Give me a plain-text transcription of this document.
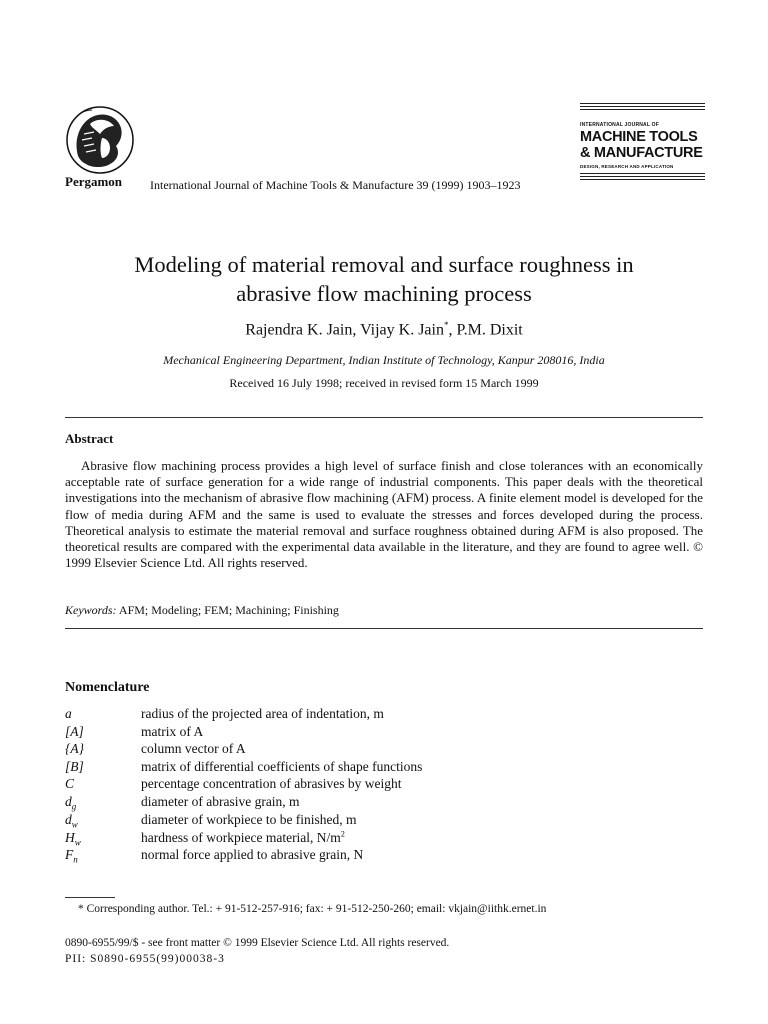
Pergamon International Journal of Machine Tools & Manufacture 39 (1999) 1903–1923
INTERNATIONAL JOURNAL OF
MACHINE TOOLS
& MANUFACTURE
DESIGN, RESEARCH AND APPLICATION
Modeling of material removal and surface roughness in
abrasive flow machining process
Rajendra K. Jain, Vijay K. Jain*, P.M. Dixit
Mechanical Engineering Department, Indian Institute of Technology, Kanpur 208016, India
Received 16 July 1998; received in revised form 15 March 1999
Abstract
Abrasive flow machining process provides a high level of surface finish and close tolerances with an economically acceptable rate of surface generation for a wide range of industrial components. This paper deals with the theoretical investigations into the mechanism of abrasive flow machining (AFM) process. A finite element model is developed for the flow of media during AFM and the same is used to evaluate the stresses and forces developed during the process. Theoretical analysis to estimate the material removal and surface roughness obtained during AFM is also proposed. The theoretical results are compared with the experimental data available in the literature, and they are found to agree well. © 1999 Elsevier Science Ltd. All rights reserved.
Keywords: AFM; Modeling; FEM; Machining; Finishing
Nomenclature
a	radius of the projected area of indentation, m
[A]	matrix of A
{A}	column vector of A
[B]	matrix of differential coefficients of shape functions
C	percentage concentration of abrasives by weight
$d_g$	diameter of abrasive grain, m
$d_w$	diameter of workpiece to be finished, m
$H_w$	hardness of workpiece material, $N/m^2$
$F_n$	normal force applied to abrasive grain, N
* Corresponding author. Tel.: + 91-512-257-916; fax: + 91-512-250-260; email: vkjain@iithk.ernet.in
0890-6955/99/$ - see front matter © 1999 Elsevier Science Ltd. All rights reserved.
PII: S0890-6955(99)00038-3
